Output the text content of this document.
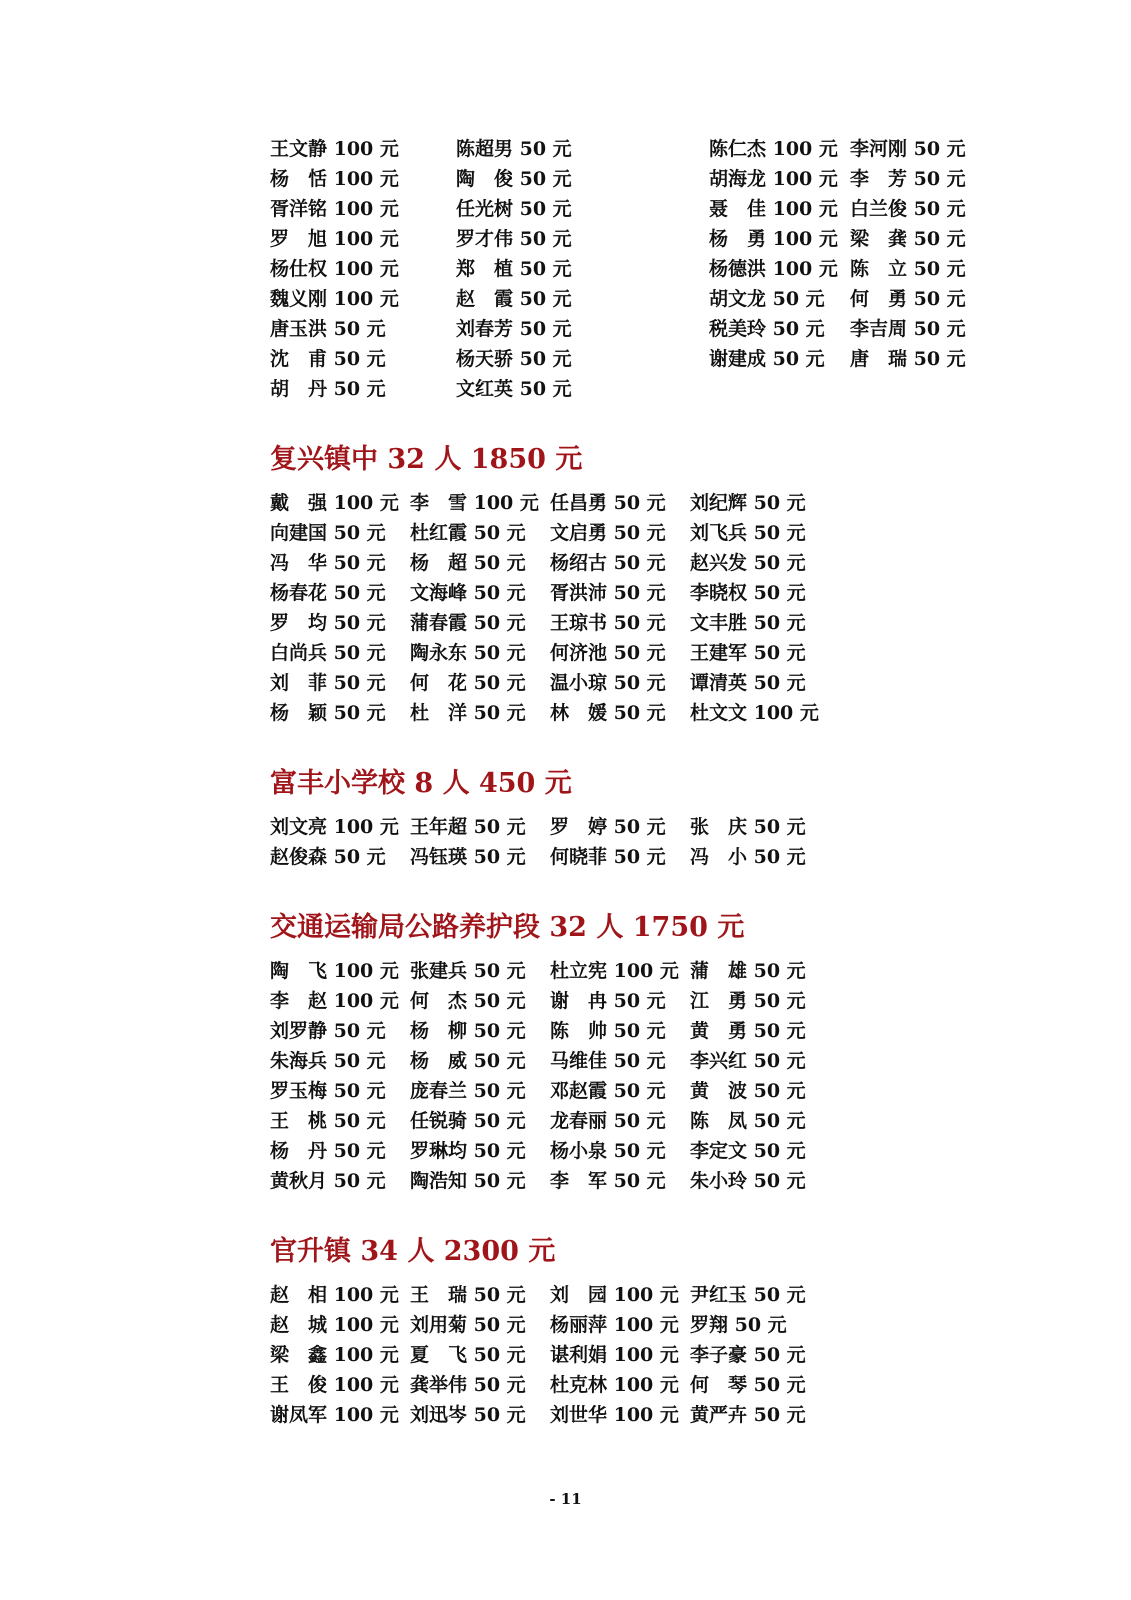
王文静 100 元	陈超男 50 元	陈仁杰 100 元 李河刚 50 元
杨　恬 100 元	陶　俊 50 元	胡海龙 100 元 李　芳 50 元
胥洋铭 100 元	任光树 50 元	聂　佳 100 元 白兰俊 50 元
罗　旭 100 元	罗才伟 50 元	杨　勇 100 元 梁　龚 50 元
杨仕权 100 元	郑　植 50 元	杨德洪 100 元 陈　立 50 元
魏义刚 100 元	赵　霞 50 元	胡文龙 50 元	何　勇 50 元
唐玉洪 50 元	刘春芳 50 元	税美玲 50 元	李吉周 50 元
沈　甫 50 元	杨天骄 50 元	谢建成 50 元	唐　瑞 50 元
胡　丹 50 元	文红英 50 元
复兴镇中 32 人 1850 元
戴　强 100 元 李　雪 100 元 任昌勇 50 元	刘纪辉 50 元
向建国 50 元	杜红霞 50 元	文启勇 50 元	刘飞兵 50 元
冯　华 50 元	杨　超 50 元	杨绍古 50 元	赵兴发 50 元
杨春花 50 元	文海峰 50 元	胥洪沛 50 元	李晓权 50 元
罗　均 50 元	蒲春霞 50 元	王琼书 50 元	文丰胜 50 元
白尚兵 50 元	陶永东 50 元	何济池 50 元	王建军 50 元
刘　菲 50 元	何　花 50 元	温小琼 50 元	谭清英 50 元
杨　颖 50 元	杜　洋 50 元	林　媛 50 元	杜文文 100 元
富丰小学校 8 人 450 元
刘文亮 100 元 王年超 50 元	罗　婷 50 元	张　庆 50 元
赵俊森 50 元	冯钰瑛 50 元	何晓菲 50 元	冯　小 50 元
交通运输局公路养护段 32 人 1750 元
陶　飞 100 元 张建兵 50 元	杜立宪 100 元 蒲　雄 50 元
李　赵 100 元 何　杰 50 元	谢　冉 50 元	江　勇 50 元
刘罗静 50 元	杨　柳 50 元	陈　帅 50 元	黄　勇 50 元
朱海兵 50 元	杨　威 50 元	马维佳 50 元	李兴红 50 元
罗玉梅 50 元	庞春兰 50 元	邓赵霞 50 元	黄　波 50 元
王　桃 50 元	任锐骑 50 元	龙春丽 50 元	陈　凤 50 元
杨　丹 50 元	罗琳均 50 元	杨小泉 50 元	李定文 50 元
黄秋月 50 元	陶浩知 50 元	李　军 50 元	朱小玲 50 元
官升镇 34 人 2300 元
赵　相 100 元 王　瑞 50 元	刘　园 100 元 尹红玉 50 元
赵　城 100 元 刘用菊 50 元	杨丽萍 100 元 罗翔 50 元
梁　鑫 100 元 夏　飞 50 元	谌利娟 100 元 李子豪 50 元
王　俊 100 元 龚举伟 50 元	杜克林 100 元 何　琴 50 元
谢凤军 100 元 刘迅岑 50 元	刘世华 100 元 黄严卉 50 元
- 11
